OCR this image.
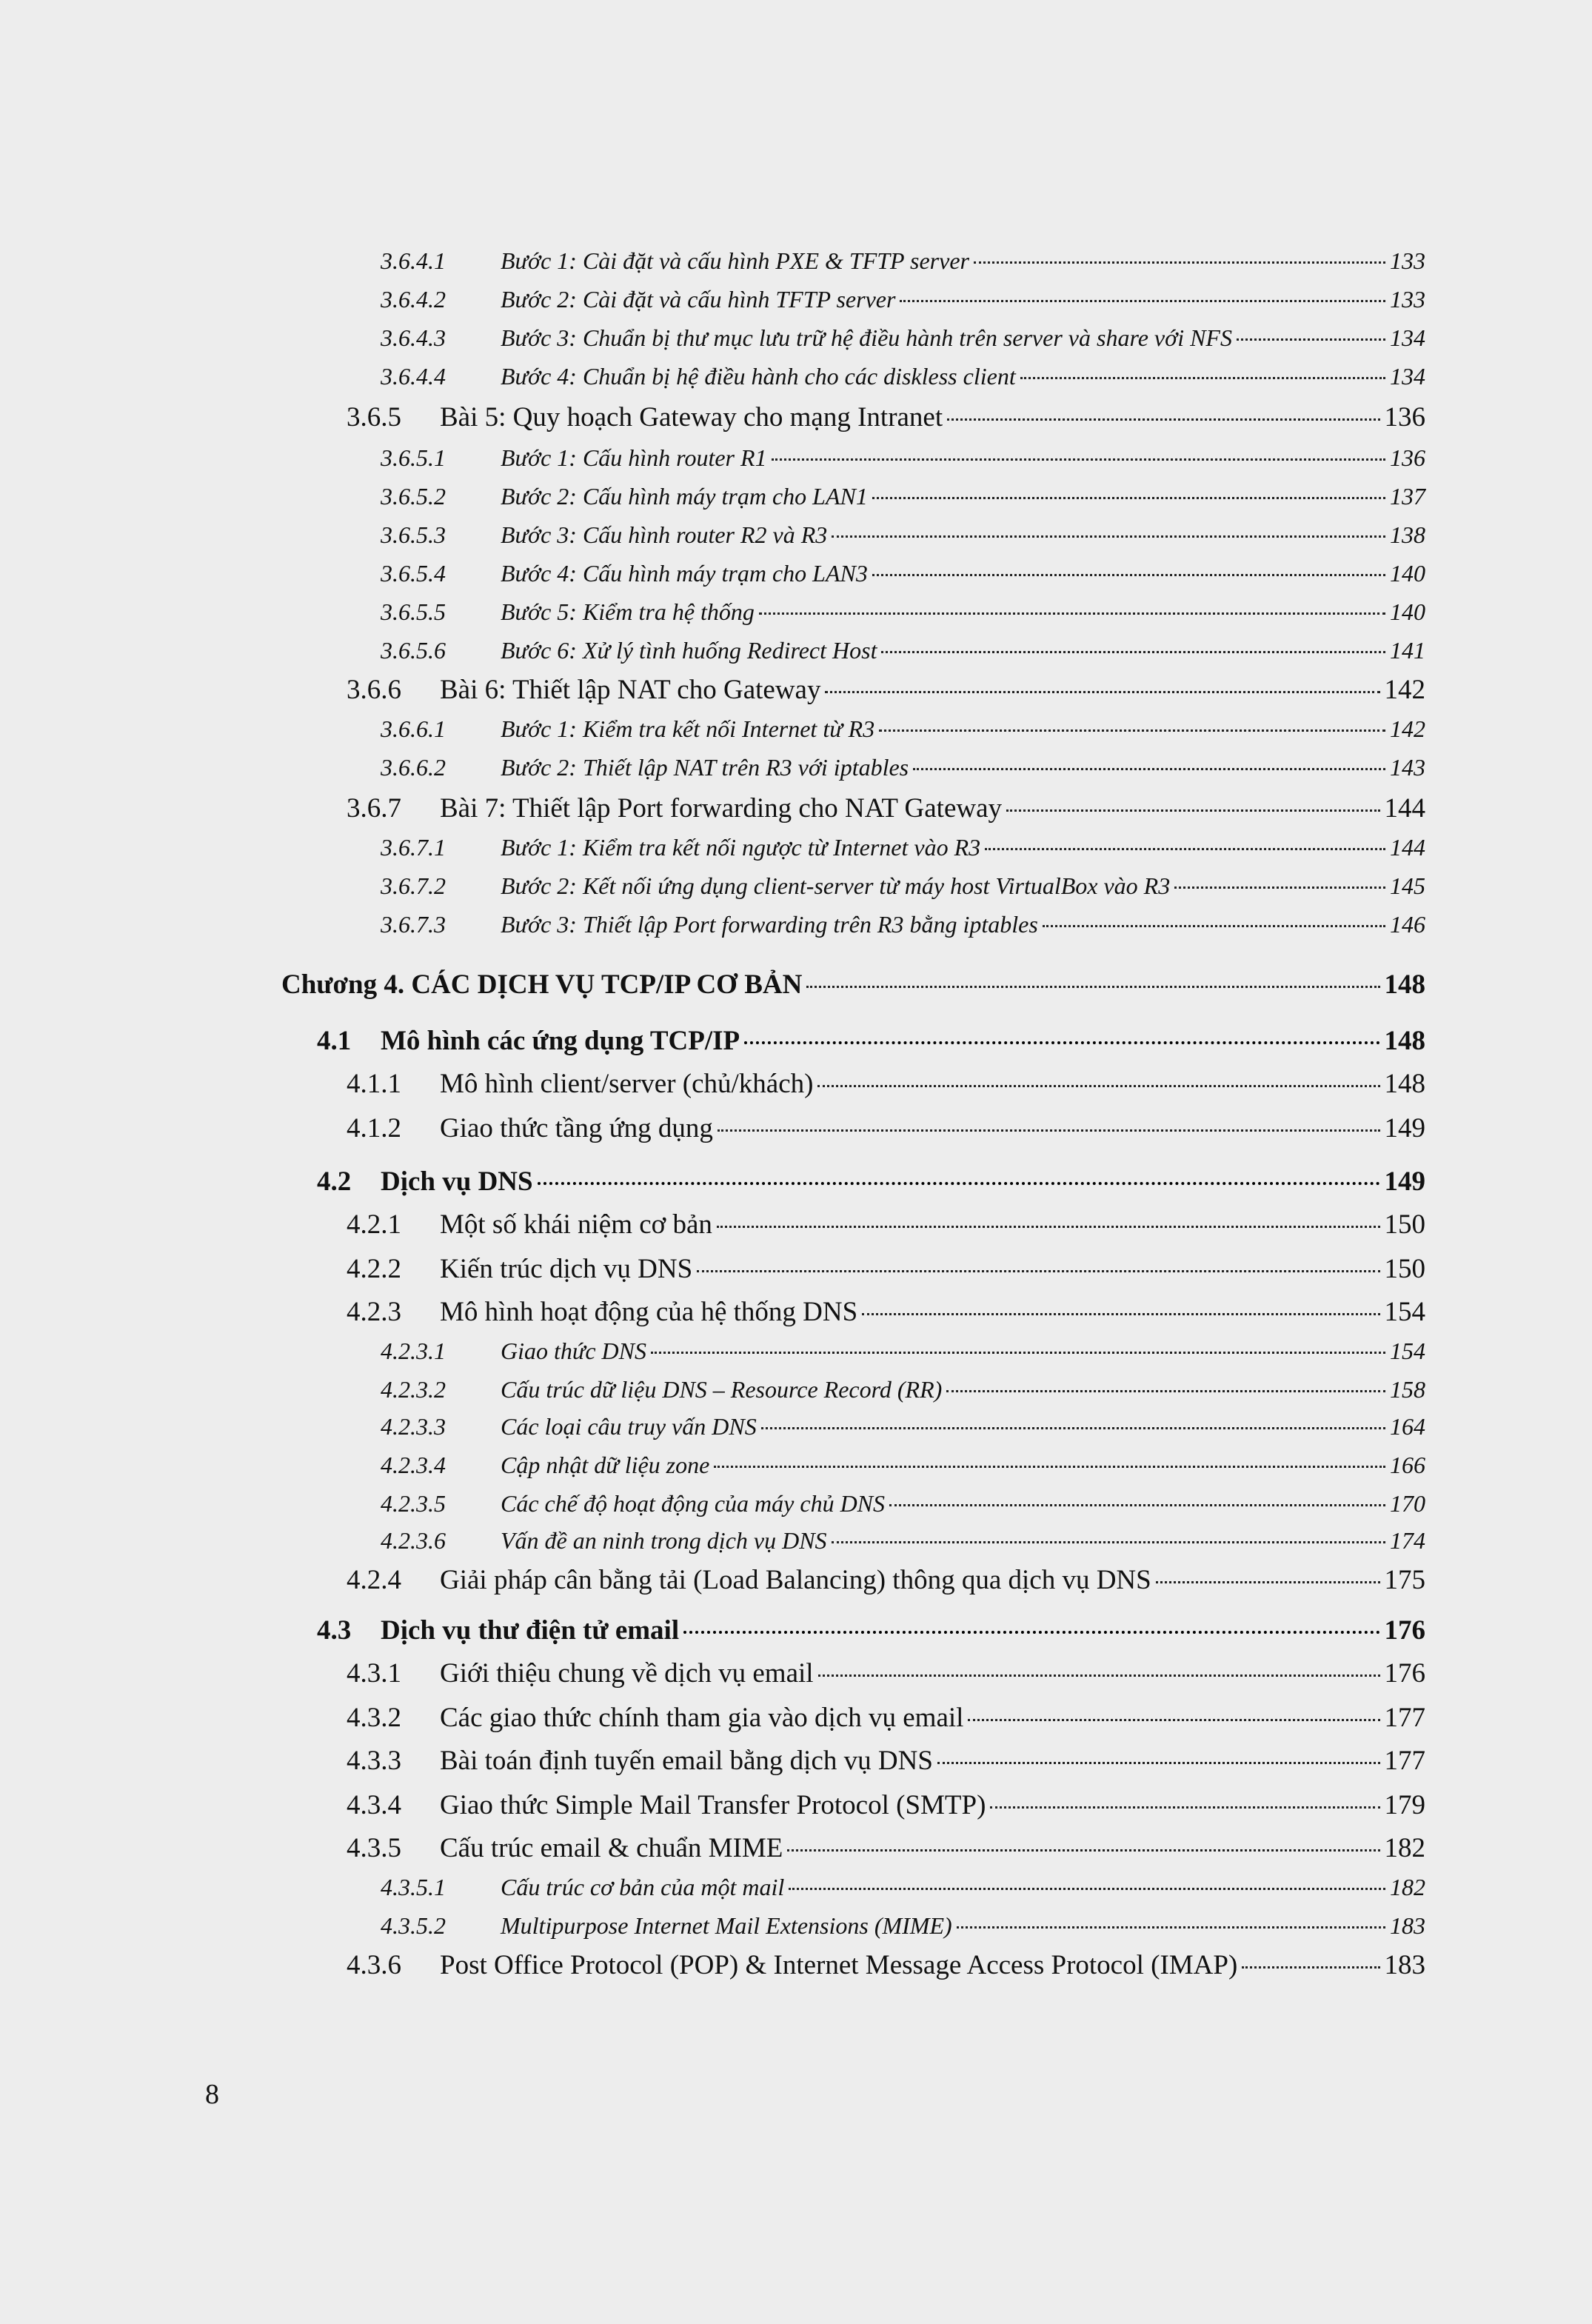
3.6.4.1	Bước 1: Cài đặt và cấu hình PXE & TFTP server	133
3.6.4.2	Bước 2: Cài đặt và cấu hình TFTP server	133
3.6.4.3	Bước 3: Chuẩn bị thư mục lưu trữ hệ điều hành trên server và share với NFS	134
3.6.4.4	Bước 4: Chuẩn bị hệ điều hành cho các diskless client	134
3.6.5	Bài 5: Quy hoạch Gateway cho mạng Intranet	136
3.6.5.1	Bước 1: Cấu hình router R1	136
3.6.5.2	Bước 2: Cấu hình máy trạm cho LAN1	137
3.6.5.3	Bước 3: Cấu hình router R2 và R3	138
3.6.5.4	Bước 4: Cấu hình máy trạm cho LAN3	140
3.6.5.5	Bước 5: Kiểm tra hệ thống	140
3.6.5.6	Bước 6: Xử lý tình huống Redirect Host	141
3.6.6	Bài 6: Thiết lập NAT cho Gateway	142
3.6.6.1	Bước 1: Kiểm tra kết nối Internet từ R3	142
3.6.6.2	Bước 2: Thiết lập NAT trên R3 với iptables	143
3.6.7	Bài 7: Thiết lập Port forwarding cho NAT Gateway	144
3.6.7.1	Bước 1: Kiểm tra kết nối ngược từ Internet vào R3	144
3.6.7.2	Bước 2: Kết nối ứng dụng client-server từ máy host VirtualBox vào R3	145
3.6.7.3	Bước 3: Thiết lập Port forwarding trên R3 bằng iptables	146
Chương 4. CÁC DỊCH VỤ TCP/IP CƠ BẢN	148
4.1	Mô hình các ứng dụng TCP/IP	148
4.1.1	Mô hình client/server (chủ/khách)	148
4.1.2	Giao thức tầng ứng dụng	149
4.2	Dịch vụ DNS	149
4.2.1	Một số khái niệm cơ bản	150
4.2.2	Kiến trúc dịch vụ DNS	150
4.2.3	Mô hình hoạt động của hệ thống DNS	154
4.2.3.1	Giao thức DNS	154
4.2.3.2	Cấu trúc dữ liệu DNS – Resource Record (RR)	158
4.2.3.3	Các loại câu truy vấn DNS	164
4.2.3.4	Cập nhật dữ liệu zone	166
4.2.3.5	Các chế độ hoạt động của máy chủ DNS	170
4.2.3.6	Vấn đề an ninh trong dịch vụ DNS	174
4.2.4	Giải pháp cân bằng tải (Load Balancing) thông qua dịch vụ DNS	175
4.3	Dịch vụ thư điện tử email	176
4.3.1	Giới thiệu chung về dịch vụ email	176
4.3.2	Các giao thức chính tham gia vào dịch vụ email	177
4.3.3	Bài toán định tuyến email bằng dịch vụ DNS	177
4.3.4	Giao thức Simple Mail Transfer Protocol (SMTP)	179
4.3.5	Cấu trúc email & chuẩn MIME	182
4.3.5.1	Cấu trúc cơ bản của một mail	182
4.3.5.2	Multipurpose Internet Mail Extensions (MIME)	183
4.3.6	Post Office Protocol (POP) & Internet Message Access Protocol (IMAP)	183
8
